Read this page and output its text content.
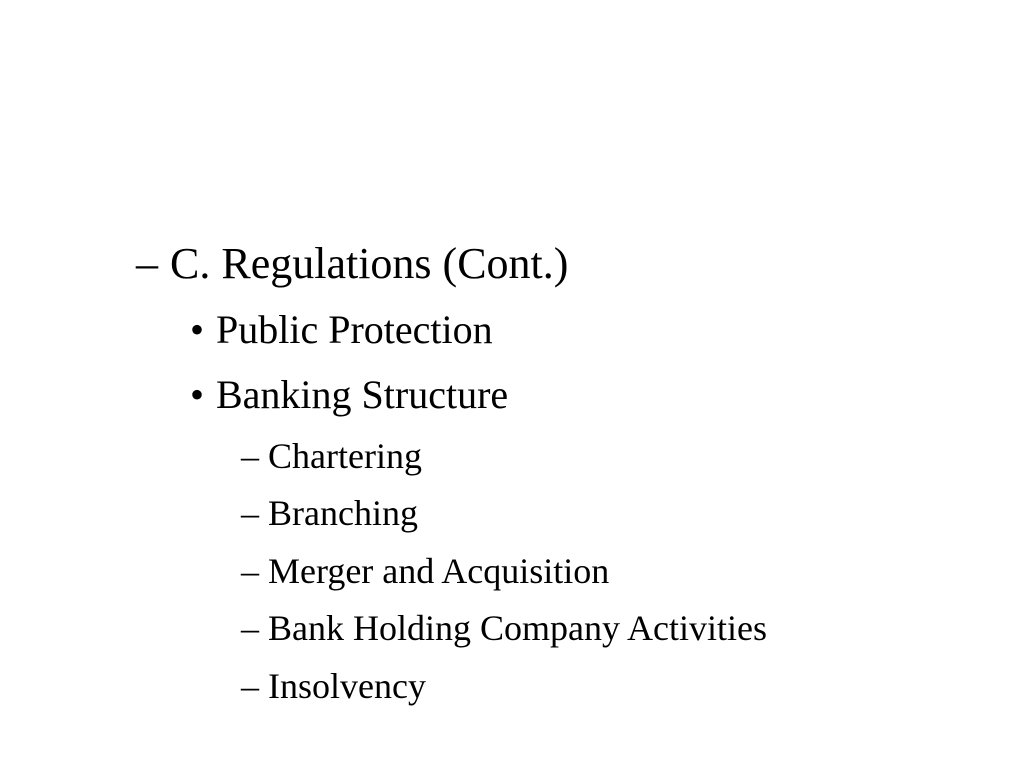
– C. Regulations (Cont.)
• Public Protection
• Banking Structure
– Chartering
– Branching
– Merger and Acquisition
– Bank Holding Company Activities
– Insolvency
